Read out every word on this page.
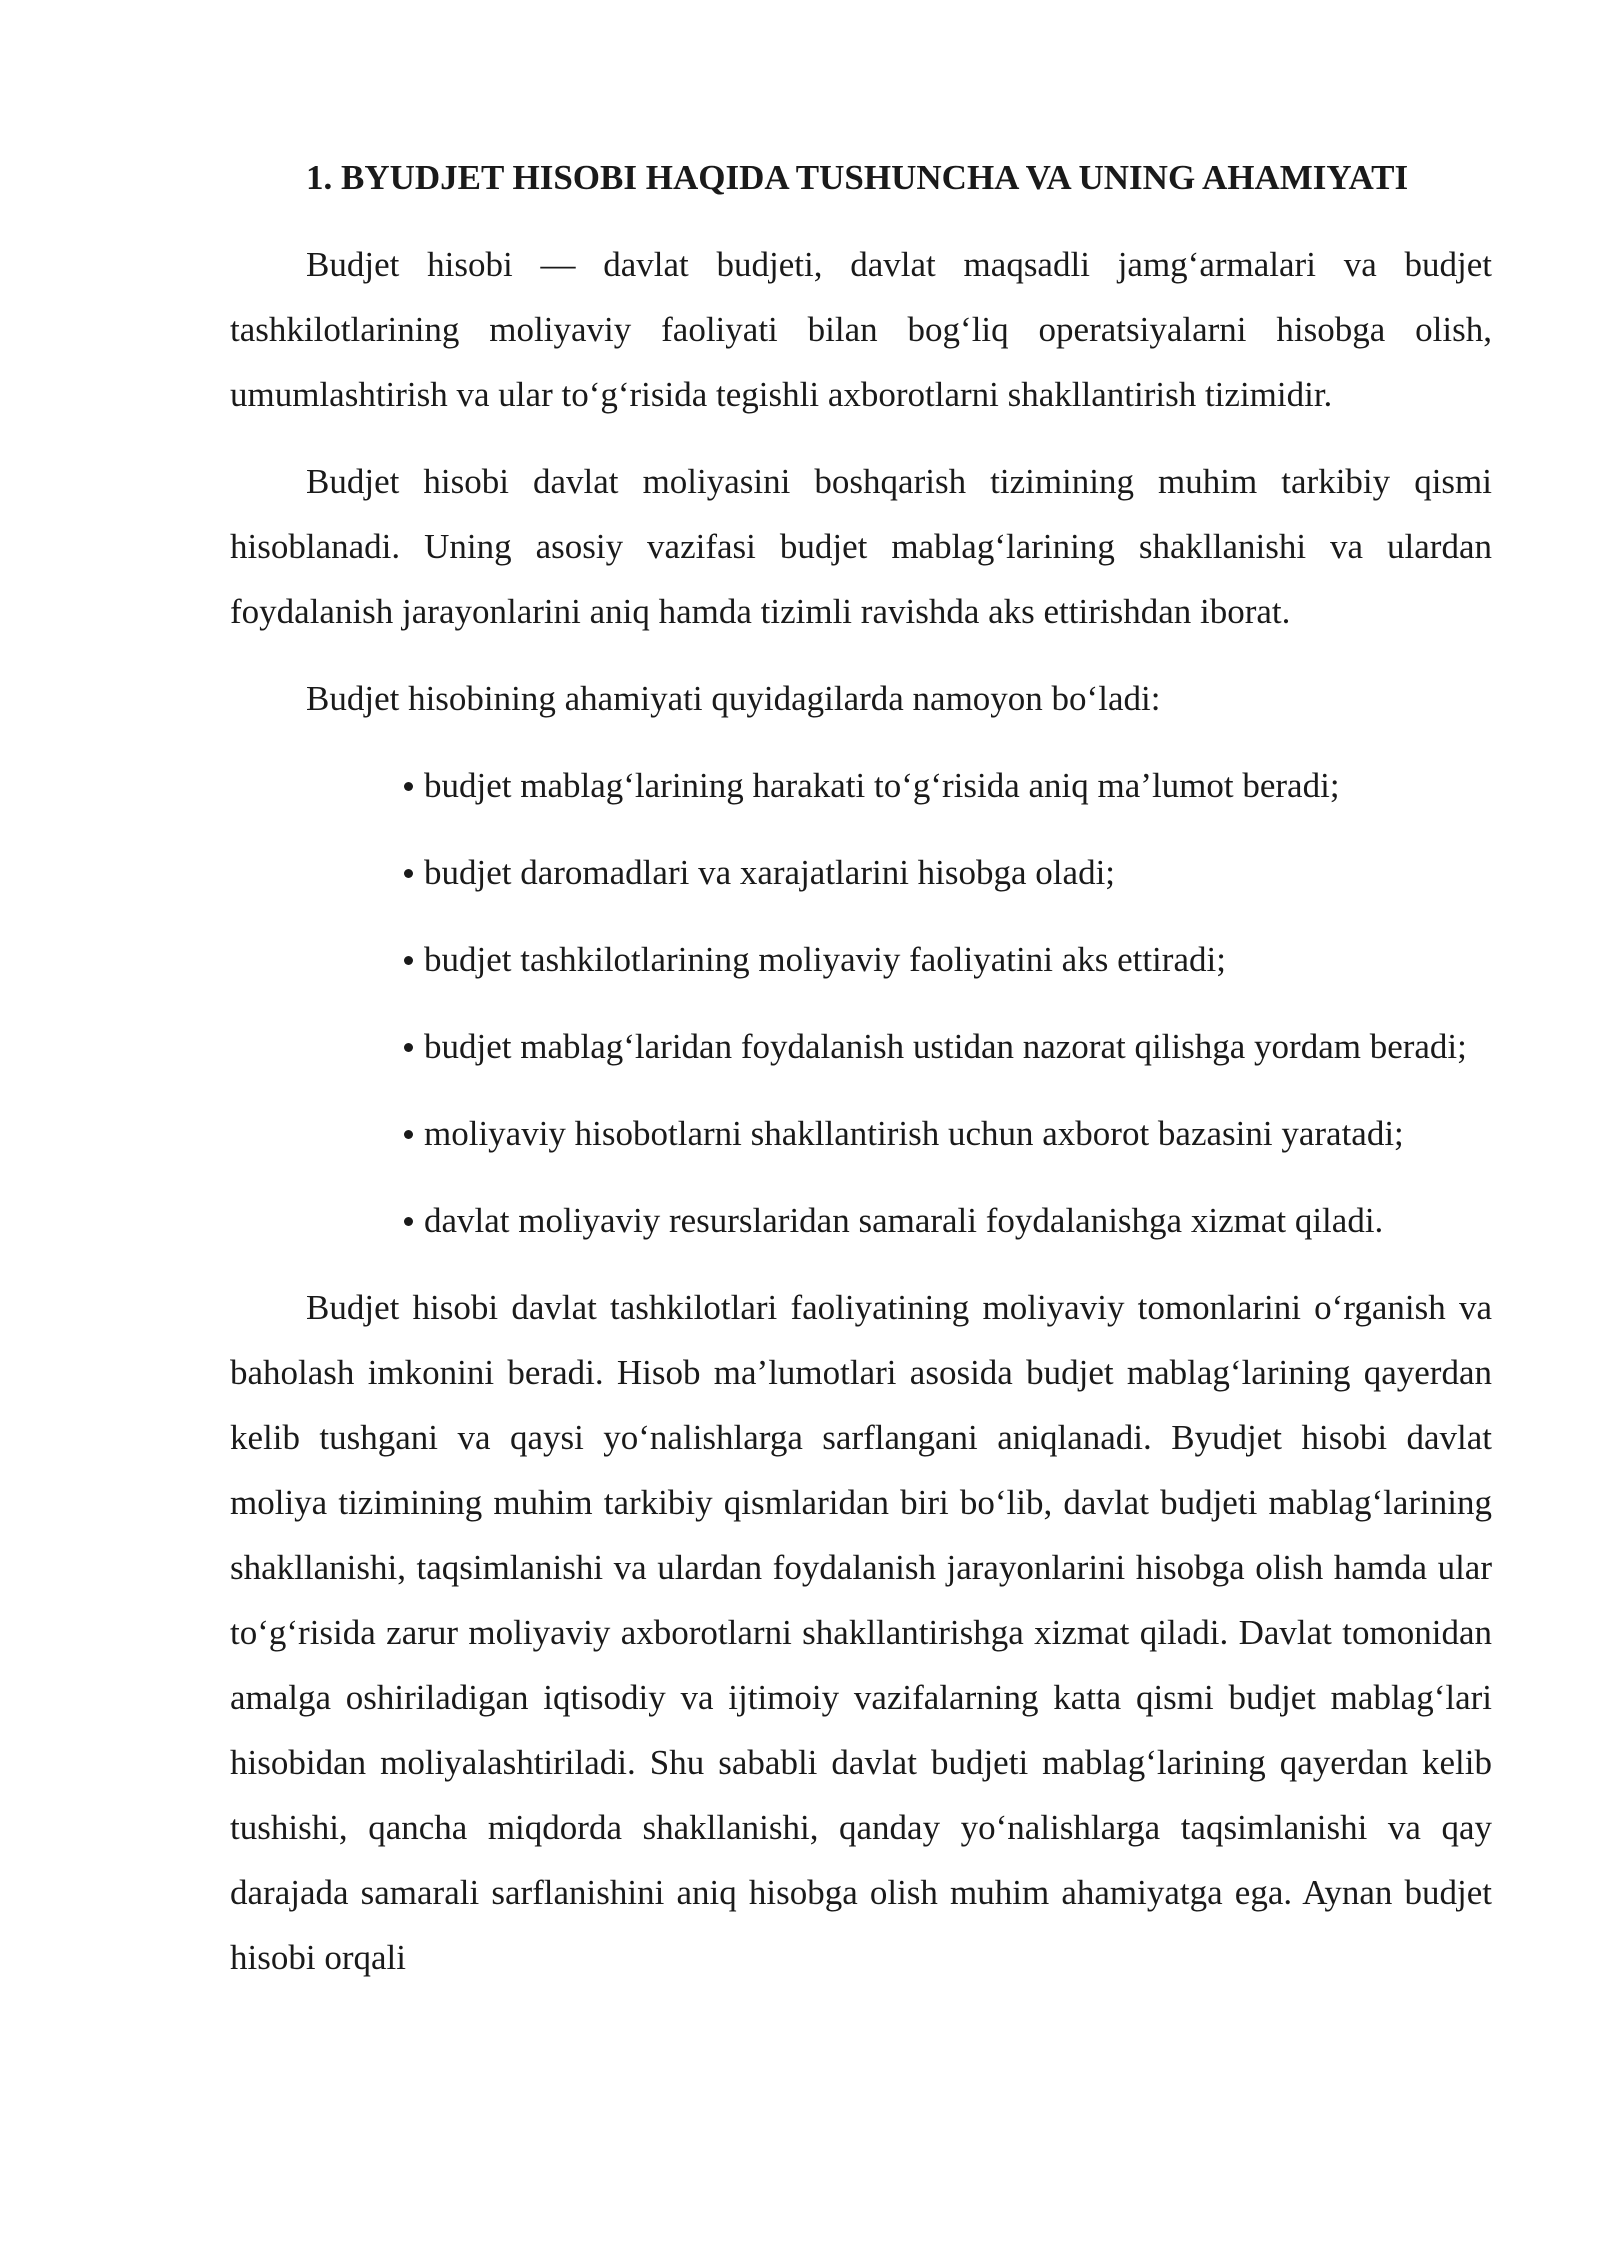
1. BYUDJET HISOBI HAQIDA TUSHUNCHA VA UNING AHAMIYATI

Budjet hisobi — davlat budjeti, davlat maqsadli jamg‘armalari va budjet tashkilotlarining moliyaviy faoliyati bilan bog‘liq operatsiyalarni hisobga olish, umumlashtirish va ular to‘g‘risida tegishli axborotlarni shakllantirish tizimidir.

Budjet hisobi davlat moliyasini boshqarish tizimining muhim tarkibiy qismi hisoblanadi. Uning asosiy vazifasi budjet mablag‘larining shakllanishi va ulardan foydalanish jarayonlarini aniq hamda tizimli ravishda aks ettirishdan iborat.

Budjet hisobining ahamiyati quyidagilarda namoyon bo‘ladi:

budjet mablag‘larining harakati to‘g‘risida aniq ma’lumot beradi;
budjet daromadlari va xarajatlarini hisobga oladi;
budjet tashkilotlarining moliyaviy faoliyatini aks ettiradi;
budjet mablag‘laridan foydalanish ustidan nazorat qilishga yordam beradi;
moliyaviy hisobotlarni shakllantirish uchun axborot bazasini yaratadi;
davlat moliyaviy resurslaridan samarali foydalanishga xizmat qiladi.

Budjet hisobi davlat tashkilotlari faoliyatining moliyaviy tomonlarini o‘rganish va baholash imkonini beradi. Hisob ma’lumotlari asosida budjet mablag‘larining qayerdan kelib tushgani va qaysi yo‘nalishlarga sarflangani aniqlanadi. Byudjet hisobi davlat moliya tizimining muhim tarkibiy qismlaridan biri bo‘lib, davlat budjeti mablag‘larining shakllanishi, taqsimlanishi va ulardan foydalanish jarayonlarini hisobga olish hamda ular to‘g‘risida zarur moliyaviy axborotlarni shakllantirishga xizmat qiladi. Davlat tomonidan amalga oshiriladigan iqtisodiy va ijtimoiy vazifalarning katta qismi budjet mablag‘lari hisobidan moliyalashtiriladi. Shu sababli davlat budjeti mablag‘larining qayerdan kelib tushishi, qancha miqdorda shakllanishi, qanday yo‘nalishlarga taqsimlanishi va qay darajada samarali sarflanishini aniq hisobga olish muhim ahamiyatga ega. Aynan budjet hisobi orqali
